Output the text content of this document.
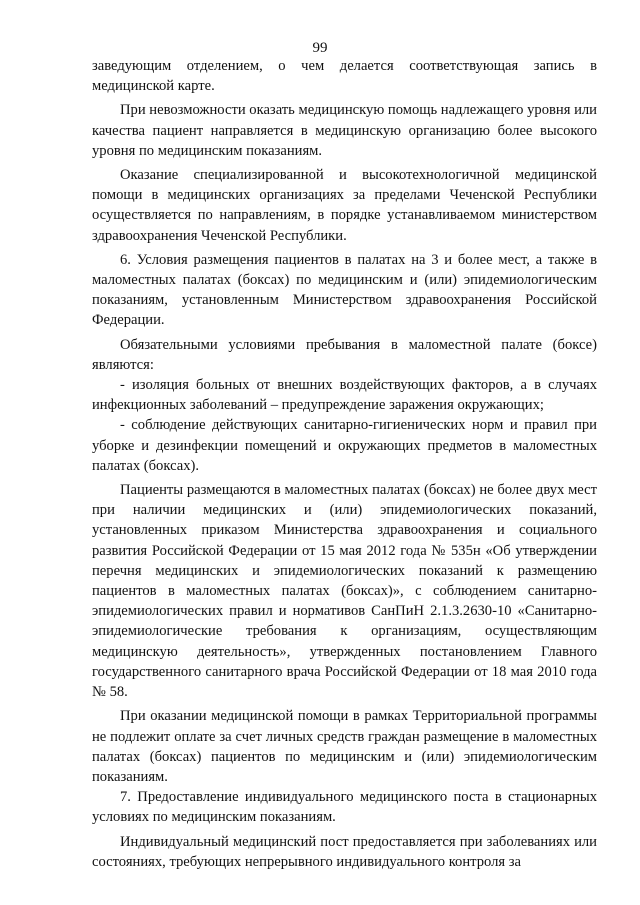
99

заведующим отделением, о чем делается соответствующая запись в медицинской карте.

При невозможности оказать медицинскую помощь надлежащего уровня или качества пациент направляется в медицинскую организацию более высокого уровня по медицинским показаниям.

Оказание специализированной и высокотехнологичной медицинской помощи в медицинских организациях за пределами Чеченской Республики осуществляется по направлениям, в порядке устанавливаемом министерством здравоохранения Чеченской Республики.

6. Условия размещения пациентов в палатах на 3 и более мест, а также в маломестных палатах (боксах) по медицинским и (или) эпидемиологическим показаниям, установленным Министерством здравоохранения Российской Федерации.

Обязательными условиями пребывания в маломестной палате (боксе) являются:

- изоляция больных от внешних воздействующих факторов, а в случаях инфекционных заболеваний – предупреждение заражения окружающих;

- соблюдение действующих санитарно-гигиенических норм и правил при уборке и дезинфекции помещений и окружающих предметов в маломестных палатах (боксах).

Пациенты размещаются в маломестных палатах (боксах) не более двух мест при наличии медицинских и (или) эпидемиологических показаний, установленных приказом Министерства здравоохранения и социального развития Российской Федерации от 15 мая 2012 года № 535н «Об утверждении перечня медицинских и эпидемиологических показаний к размещению пациентов в маломестных палатах (боксах)», с соблюдением санитарно-эпидемиологических правил и нормативов СанПиН 2.1.3.2630-10 «Санитарно-эпидемиологические требования к организациям, осуществляющим медицинскую деятельность», утвержденных постановлением Главного государственного санитарного врача Российской Федерации от 18 мая 2010 года № 58.

При оказании медицинской помощи в рамках Территориальной программы не подлежит оплате за счет личных средств граждан размещение в маломестных палатах (боксах) пациентов по медицинским и (или) эпидемиологическим показаниям.

7. Предоставление индивидуального медицинского поста в стационарных условиях по медицинским показаниям.

Индивидуальный медицинский пост предоставляется при заболеваниях или состояниях, требующих непрерывного индивидуального контроля за
